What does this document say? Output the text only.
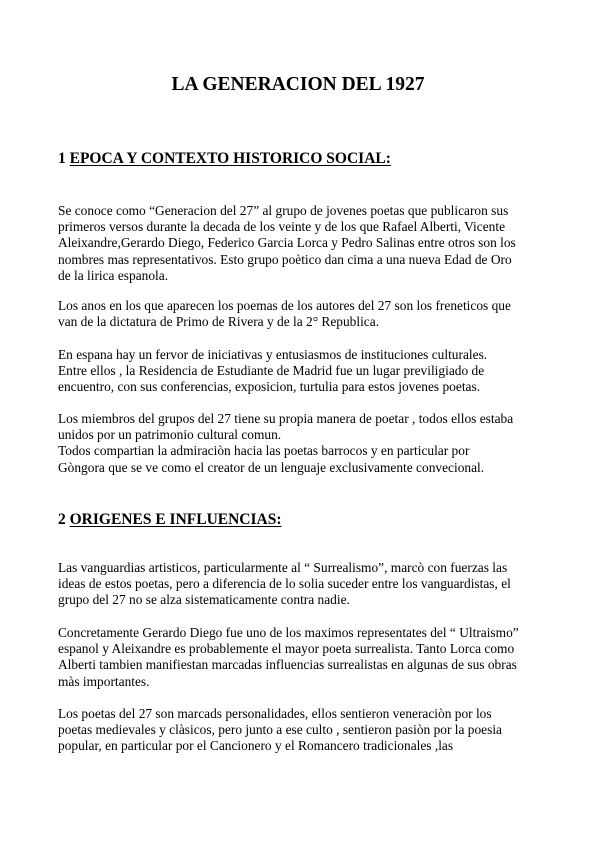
LA GENERACION DEL 1927
1 EPOCA Y CONTEXTO HISTORICO SOCIAL:

Se conoce como “Generacion del 27” al grupo de jovenes poetas que publicaron sus
primeros versos durante la decada de los veinte y de los que Rafael Alberti, Vicente
Aleixandre,Gerardo Diego, Federico Garcia Lorca y Pedro Salinas entre otros son los
nombres mas representativos. Esto grupo poètico dan cima a una nueva Edad de Oro
de la lirica espanola.

Los anos en los que aparecen los poemas de los autores del 27 son los freneticos que
van de la dictatura de Primo de Rivera y de la 2° Republica.

En espana hay un fervor de iniciativas y entusiasmos de instituciones culturales.
Entre ellos , la Residencia de Estudiante de Madrid fue un lugar previligiado de
encuentro, con sus conferencias, exposicion, turtulia para estos jovenes poetas.

Los miembros del grupos del 27 tiene su propia manera de poetar , todos ellos estaba
unidos por un patrimonio cultural comun.
Todos compartian la admiraciòn hacia las poetas barrocos y en particular por
Gòngora que se ve como el creator de un lenguaje exclusivamente convecional.

2 ORIGENES E INFLUENCIAS:

Las vanguardias artisticos, particularmente al “ Surrealismo”, marcò con fuerzas las
ideas de estos poetas, pero a diferencia de lo solia suceder entre los vanguardistas, el
grupo del 27 no se alza sistematicamente contra nadie.

Concretamente Gerardo Diego fue uno de los maximos representates del “ Ultraismo”
espanol y Aleixandre es probablemente el mayor poeta surrealista. Tanto Lorca como
Alberti tambien manifiestan marcadas influencias surrealistas en algunas de sus obras
màs importantes.

Los poetas del 27 son marcads personalidades, ellos sentieron veneraciòn por los
poetas medievales y clàsicos, pero junto a ese culto , sentieron pasiòn por la poesia
popular, en particular por el Cancionero y el Romancero tradicionales ,las
